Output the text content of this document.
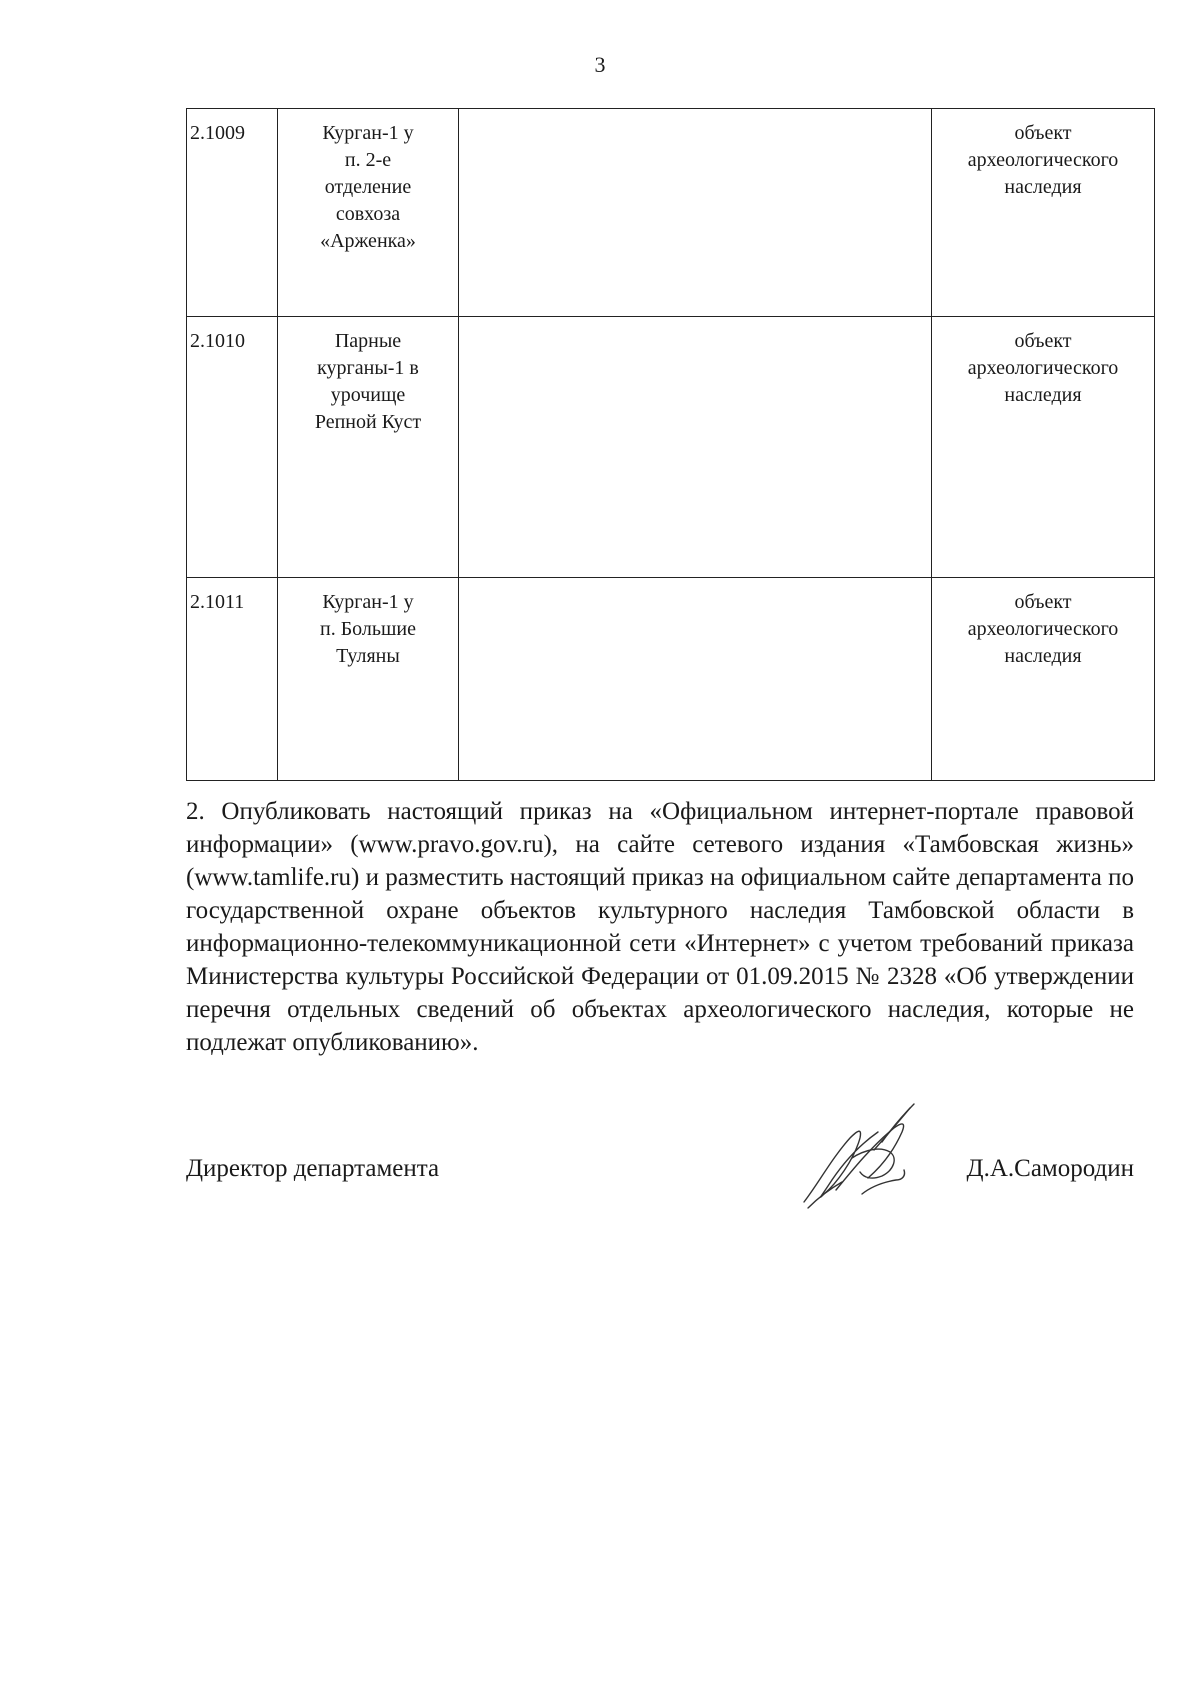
3
2.1009	Курган-1 у
п. 2-е
отделение
совхоза
«Арженка»		объект
археологического
наследия

2.1010	Парные
курганы-1 в
урочище
Репной Куст		объект
археологического
наследия

2.1011	Курган-1 у
п. Большие
Туляны		объект
археологического
наследия

2. Опубликовать настоящий приказ на «Официальном интернет-портале правовой информации» (www.pravo.gov.ru), на сайте сетевого издания «Тамбовская жизнь» (www.tamlife.ru) и разместить настоящий приказ на официальном сайте департамента по государственной охране объектов культурного наследия Тамбовской области в информационно-телекоммуникационной сети «Интернет» с учетом требований приказа Министерства культуры Российской Федерации от 01.09.2015 № 2328 «Об утверждении перечня отдельных сведений об объектах археологического наследия, которые не подлежат опубликованию».

Директор департамента	Д.А.Самородин
